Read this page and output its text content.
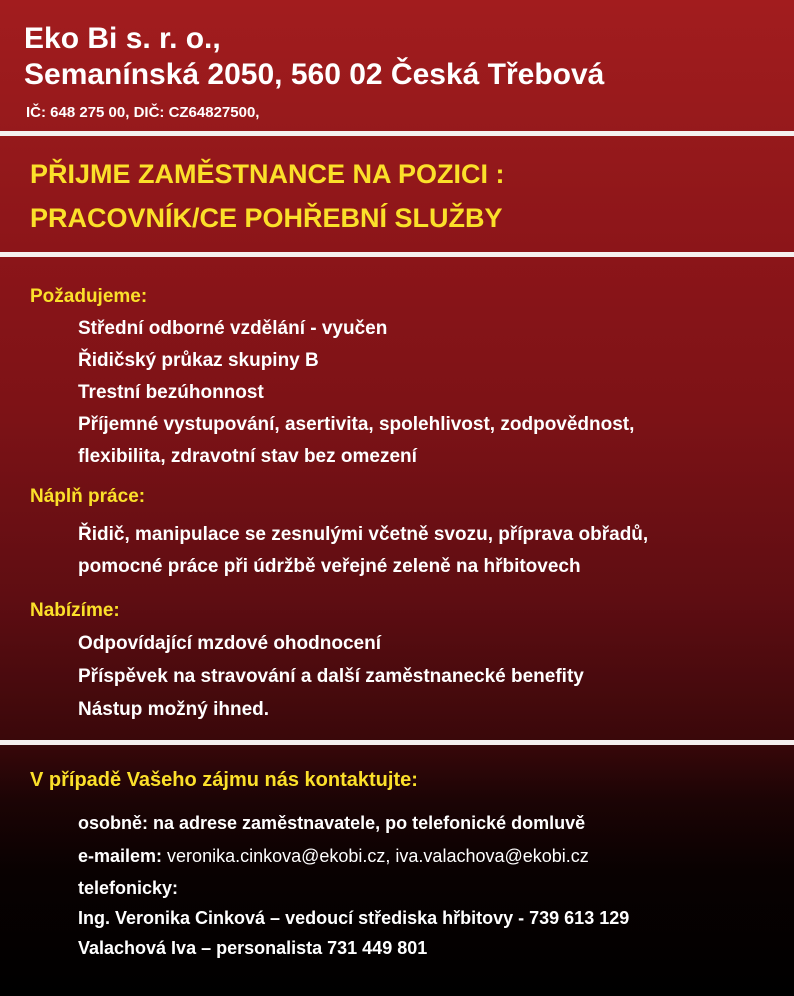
Eko Bi s. r. o.,
Semanínská 2050, 560 02 Česká Třebová
IČ: 648 275 00, DIČ: CZ64827500,
PŘIJME ZAMĚSTNANCE NA POZICI :
PRACOVNÍK/CE POHŘEBNÍ SLUŽBY
Požadujeme:
Střední odborné vzdělání - vyučen
Řidičský průkaz skupiny B
Trestní bezúhonnost
Příjemné vystupování, asertivita, spolehlivost, zodpovědnost,
flexibilita, zdravotní stav bez omezení
Náplň práce:
Řidič, manipulace se zesnulými včetně svozu, příprava obřadů,
pomocné práce při údržbě veřejné zeleně na hřbitovech
Nabízíme:
Odpovídající mzdové ohodnocení
Příspěvek na stravování a další zaměstnanecké benefity
Nástup možný ihned.
V případě Vašeho zájmu nás kontaktujte:
osobně: na adrese zaměstnavatele, po telefonické domluvě
e-mailem: veronika.cinkova@ekobi.cz, iva.valachova@ekobi.cz
telefonicky:
Ing. Veronika Cinková – vedoucí střediska hřbitovy - 739 613 129
Valachová Iva – personalista 731 449 801
